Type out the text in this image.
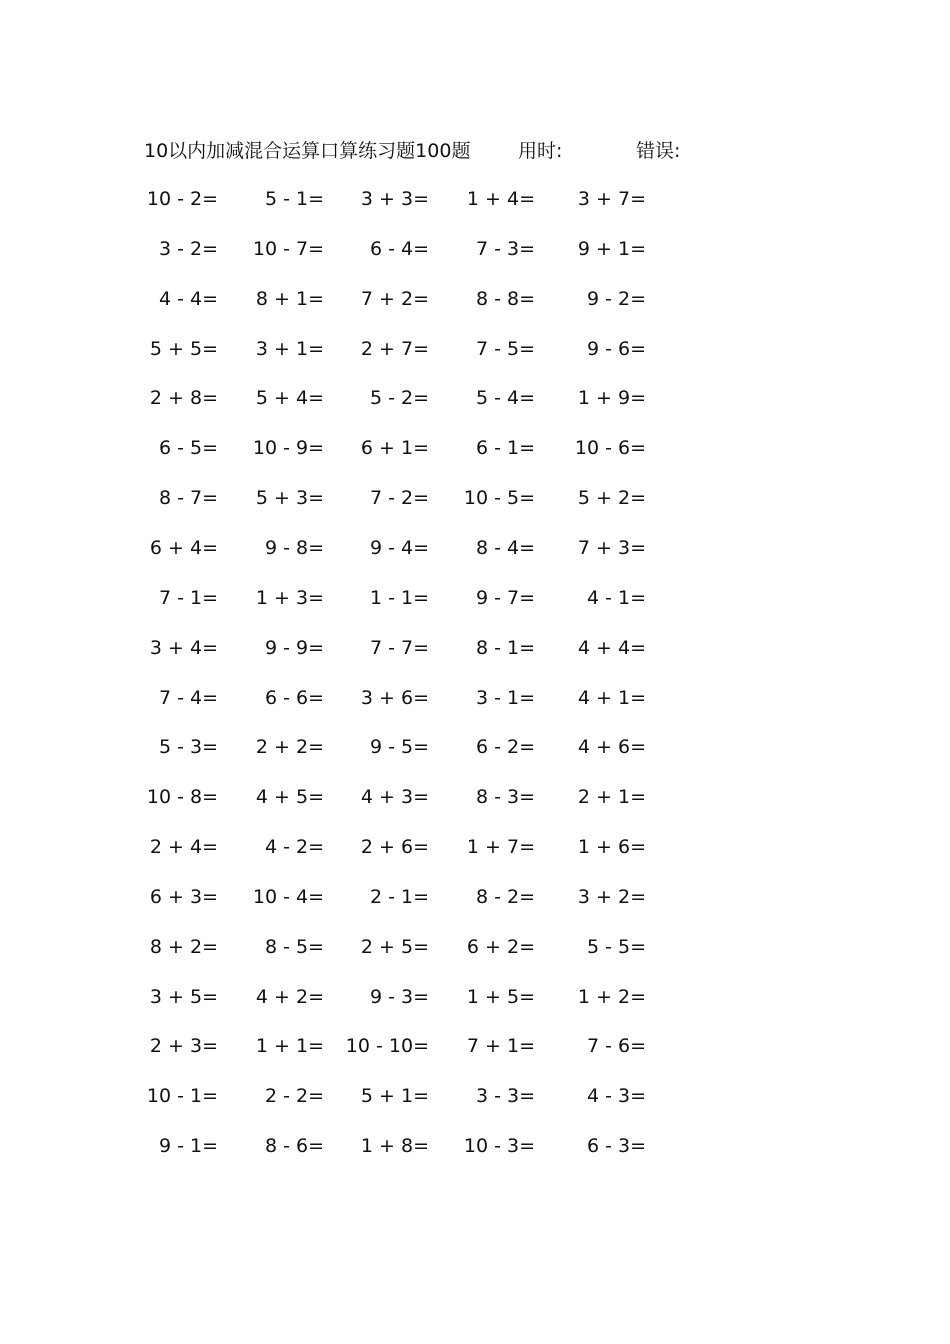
10以内加减混合运算口算练习题100题	用时:	错误:
10 - 2= 5 - 1= 3 + 3= 1 + 4= 3 + 7=
3 - 2= 10 - 7= 6 - 4= 7 - 3= 9 + 1=
4 - 4= 8 + 1= 7 + 2= 8 - 8=	9 - 2=
5 + 5= 3 + 1= 2 + 7= 7 - 5=	9 - 6=
2 + 8= 5 + 4= 5 - 2= 5 - 4= 1 + 9=
6 - 5= 10 - 9= 6 + 1= 6 - 1= 10 - 6=
8 - 7= 5 + 3= 7 - 2= 10 - 5= 5 + 2=
6 + 4= 9 - 8= 9 - 4= 8 - 4= 7 + 3=
7 - 1= 1 + 3= 1 - 1= 9 - 7=	4 - 1=
3 + 4= 9 - 9= 7 - 7= 8 - 1= 4 + 4=
7 - 4= 6 - 6= 3 + 6= 3 - 1= 4 + 1=
5 - 3= 2 + 2= 9 - 5= 6 - 2= 4 + 6=
10 - 8= 4 + 5= 4 + 3= 8 - 3= 2 + 1=
2 + 4= 4 - 2= 2 + 6= 1 + 7= 1 + 6=
6 + 3= 10 - 4= 2 - 1= 8 - 2= 3 + 2=
8 + 2= 8 - 5= 2 + 5= 6 + 2=	5 - 5=
3 + 5= 4 + 2= 9 - 3= 1 + 5= 1 + 2=
2 + 3= 1 + 1= 10 - 10= 7 + 1=	7 - 6=
10 - 1= 2 - 2= 5 + 1= 3 - 3=	4 - 3=
9 - 1= 8 - 6= 1 + 8= 10 - 3=	6 - 3=
